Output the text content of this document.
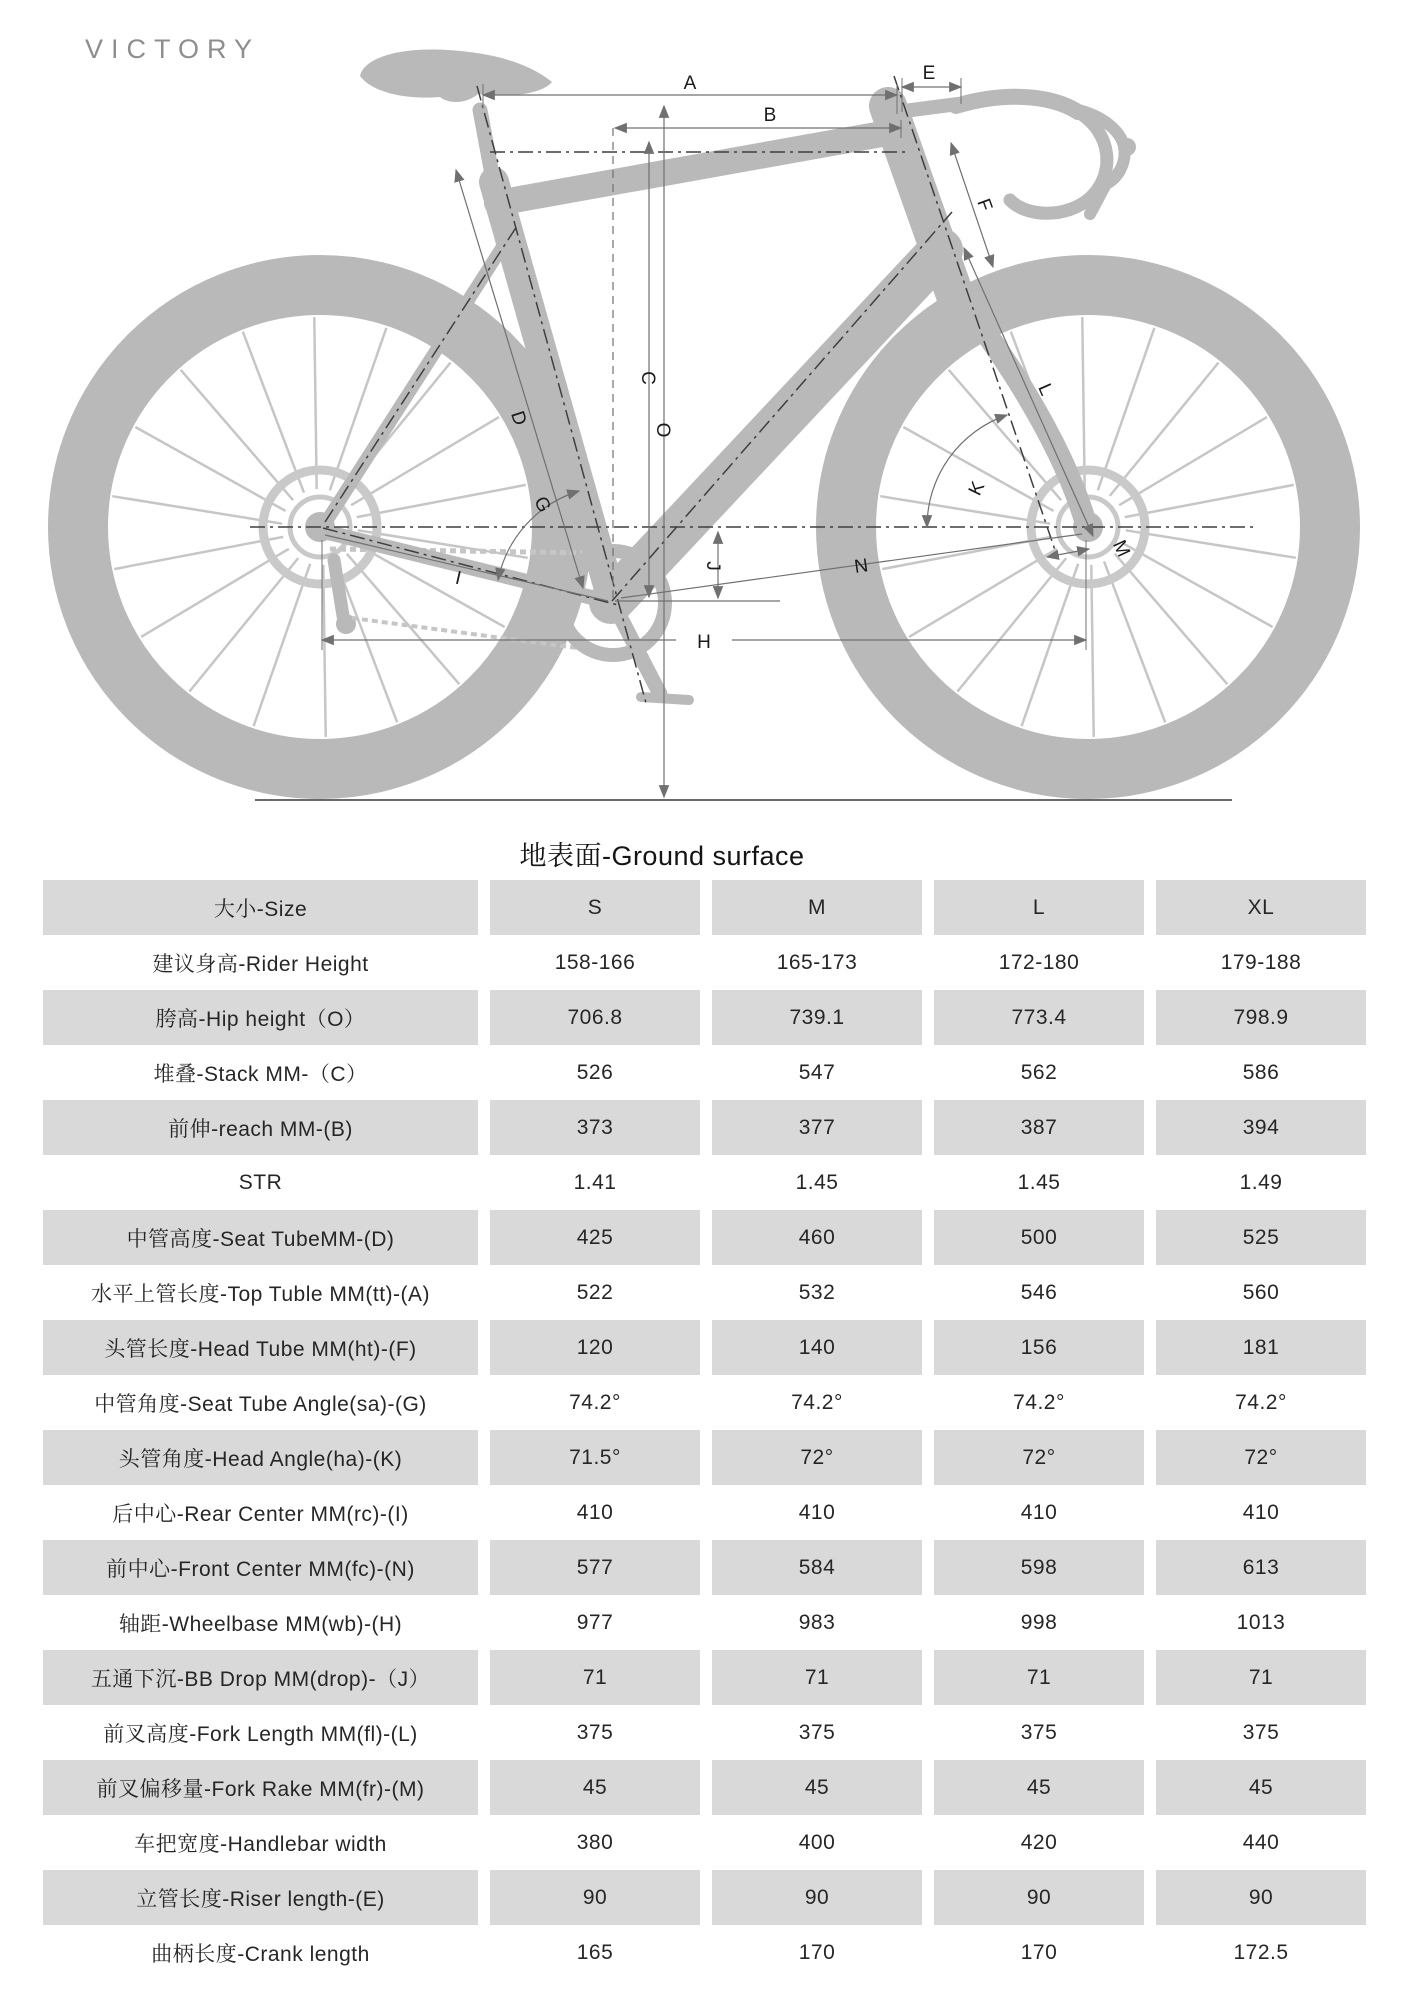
VICTORY
A
B
E
F
C
O
D
G
I
J
H
N
K
L
M
地表面-Ground surface
大小-Size	S	M	L	XL
建议身高-Rider Height	158-166	165-173	172-180	179-188
胯高-Hip height（O）	706.8	739.1	773.4	798.9
堆叠-Stack MM-（C）	526	547	562	586
前伸-reach MM-(B)	373	377	387	394
STR	1.41	1.45	1.45	1.49
中管高度-Seat TubeMM-(D)	425	460	500	525
水平上管长度-Top Tuble MM(tt)-(A)	522	532	546	560
头管长度-Head Tube MM(ht)-(F)	120	140	156	181
中管角度-Seat Tube Angle(sa)-(G)	74.2°	74.2°	74.2°	74.2°
头管角度-Head Angle(ha)-(K)	71.5°	72°	72°	72°
后中心-Rear Center MM(rc)-(I)	410	410	410	410
前中心-Front Center MM(fc)-(N)	577	584	598	613
轴距-Wheelbase MM(wb)-(H)	977	983	998	1013
五通下沉-BB Drop MM(drop)-（J）	71	71	71	71
前叉高度-Fork Length MM(fl)-(L)	375	375	375	375
前叉偏移量-Fork Rake MM(fr)-(M)	45	45	45	45
车把宽度-Handlebar width	380	400	420	440
立管长度-Riser length-(E)	90	90	90	90
曲柄长度-Crank length	165	170	170	172.5
